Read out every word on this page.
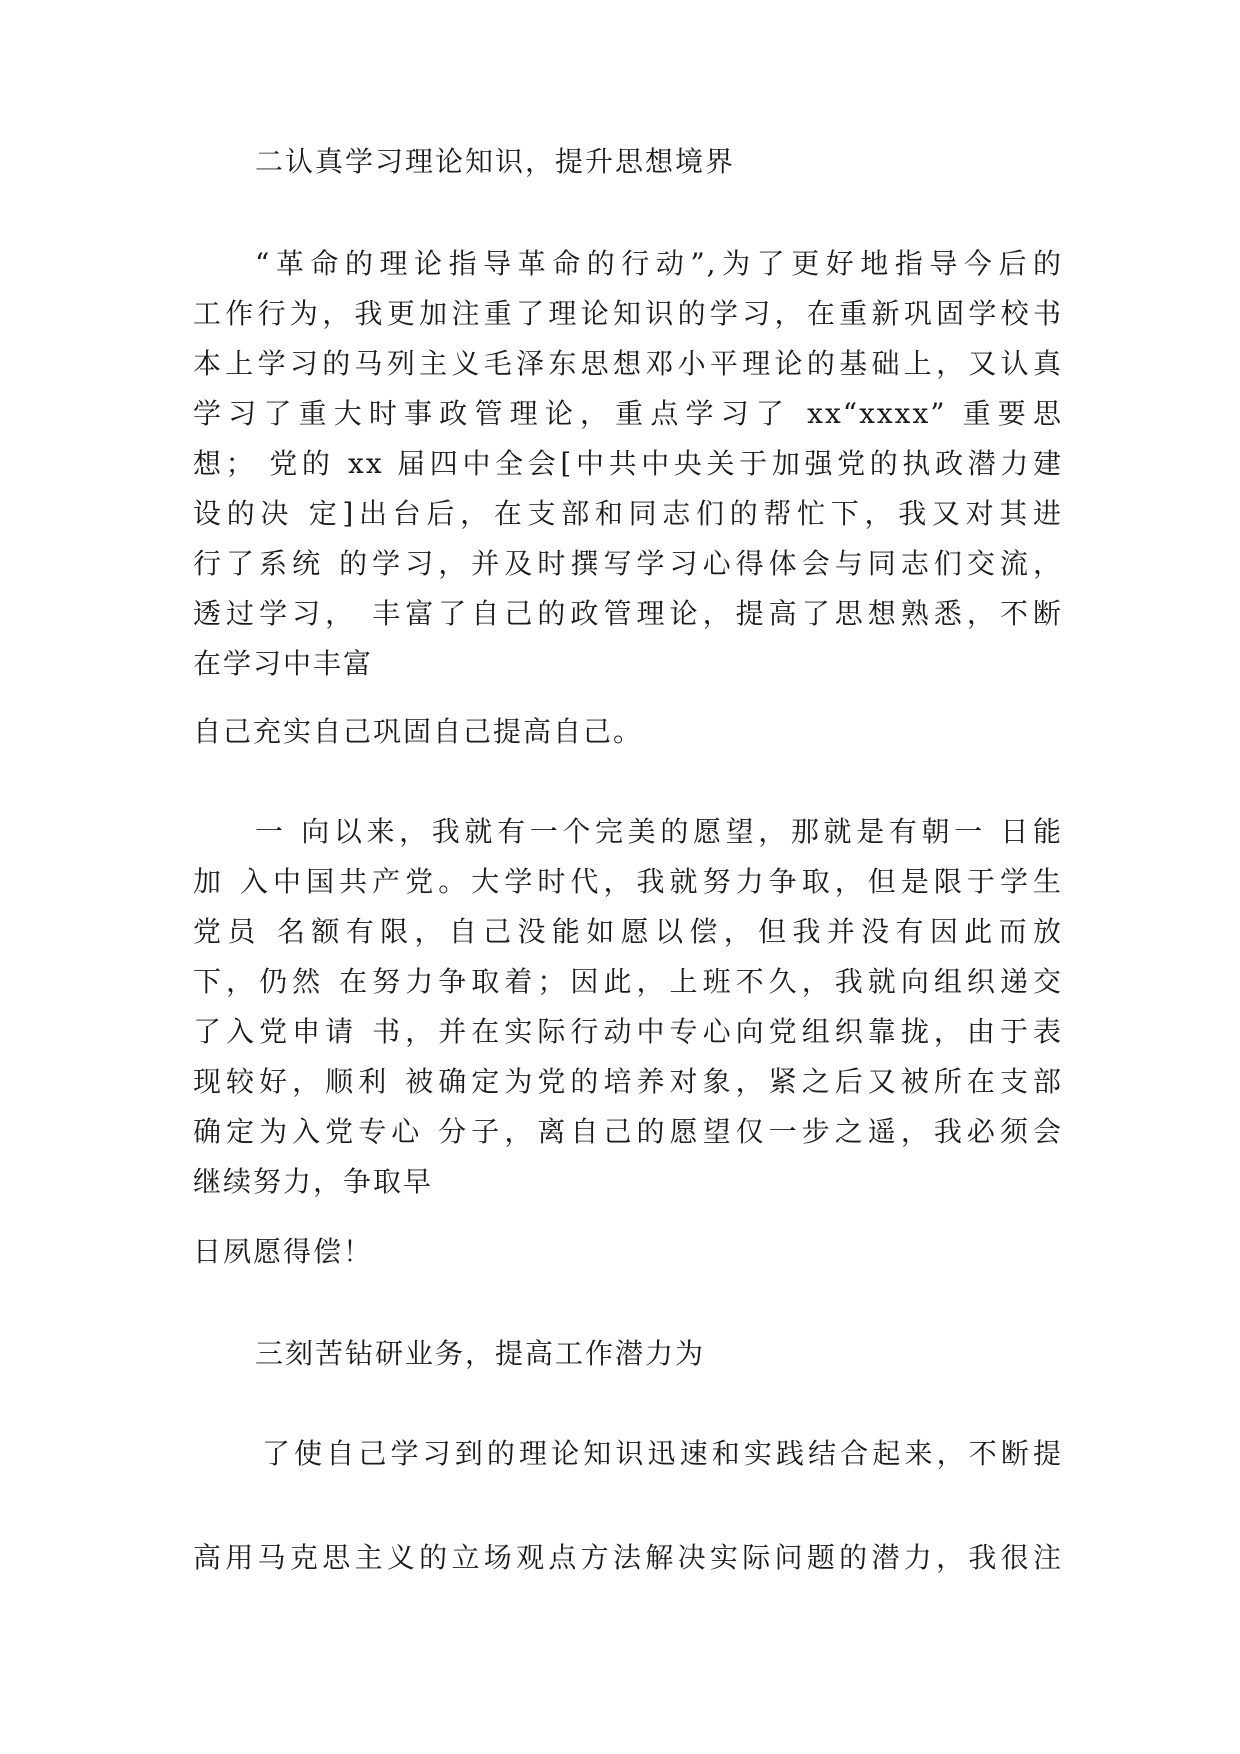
二认真学习理论知识，提升思想境界
“革命的理论指导革命的行动”,为了更好地指导今后的
工作行为，我更加注重了理论知识的学习，在重新巩固学校书
本上学习的马列主义毛泽东思想邓小平理论的基础上，又认真
学习了重大时事政管理论，重点学习了 xx“xxxx” 重要思
想； 党的 xx 届四中全会[中共中央关于加强党的执政潜力建
设的决 定]出台后，在支部和同志们的帮忙下，我又对其进
行了系统 的学习，并及时撰写学习心得体会与同志们交流，
透过学习， 丰富了自己的政管理论，提高了思想熟悉，不断
在学习中丰富
自己充实自己巩固自己提高自己。
一 向以来，我就有一个完美的愿望，那就是有朝一 日能
加 入中国共产党。大学时代，我就努力争取，但是限于学生
党员 名额有限，自己没能如愿以偿，但我并没有因此而放
下，仍然 在努力争取着；因此，上班不久，我就向组织递交
了入党申请 书，并在实际行动中专心向党组织靠拢，由于表
现较好，顺利 被确定为党的培养对象，紧之后又被所在支部
确定为入党专心 分子，离自己的愿望仅一步之遥，我必须会
继续努力，争取早
日夙愿得偿！
三刻苦钻研业务，提高工作潜力为
了使自己学习到的理论知识迅速和实践结合起来，不断提
高用马克思主义的立场观点方法解决实际问题的潜力，我很注
